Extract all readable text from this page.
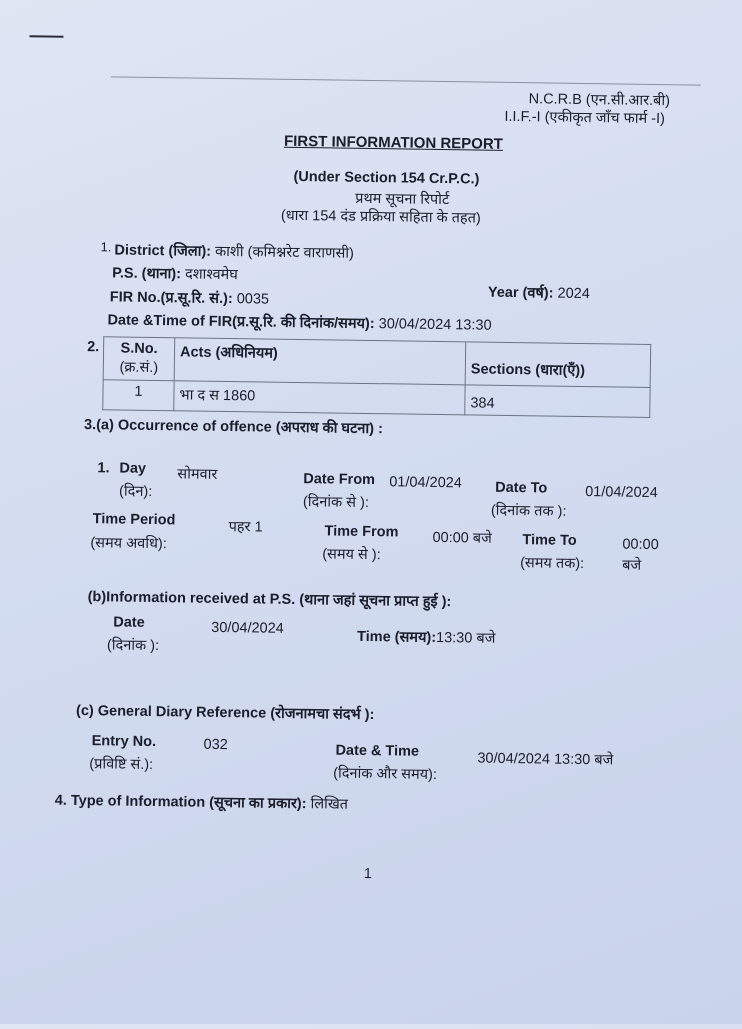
N.C.R.B (एन.सी.आर.बी)
I.I.F.-I (एकीकृत जाँच फार्म -I)
FIRST INFORMATION REPORT
(Under Section 154 Cr.P.C.)
प्रथम सूचना रिपोर्ट
(धारा 154 दंड प्रक्रिया सहिता के तहत)
1. District (जिला): काशी (कमिश्नरेट वाराणसी)
P.S. (थाना): दशाश्वमेघ
Year (वर्ष): 2024
FIR No.(प्र.सू.रि. सं.): 0035
Date &Time of FIR(प्र.सू.रि. की दिनांक/समय): 30/04/2024 13:30
2. S.No.
(क्र.सं.)	Acts (अधिनियम)	Sections (धारा(एँ))
1	भा द स 1860	384
3.(a) Occurrence of offence (अपराध की घटना) :
1. Day
(दिन):
सोमवार	Date From 01/04/2024
(दिनांक से ):
Date To	01/04/2024
(दिनांक तक ):
Time Period
(समय अवधि):
पहर 1	Time From 00:00 बजे
(समय से ):
Time To	00:00
(समय तक):	बजे
(b)Information received at P.S. (थाना जहां सूचना प्राप्त हुई ):
Date
(दिनांक ):
30/04/2024
Time (समय):13:30 बजे
(c) General Diary Reference (रोजनामचा संदर्भ ):
Entry No.
(प्रविष्टि सं.):
032	Date & Time
(दिनांक और समय):
30/04/2024 13:30 बजे
4. Type of Information (सूचना का प्रकार): लिखित
1
